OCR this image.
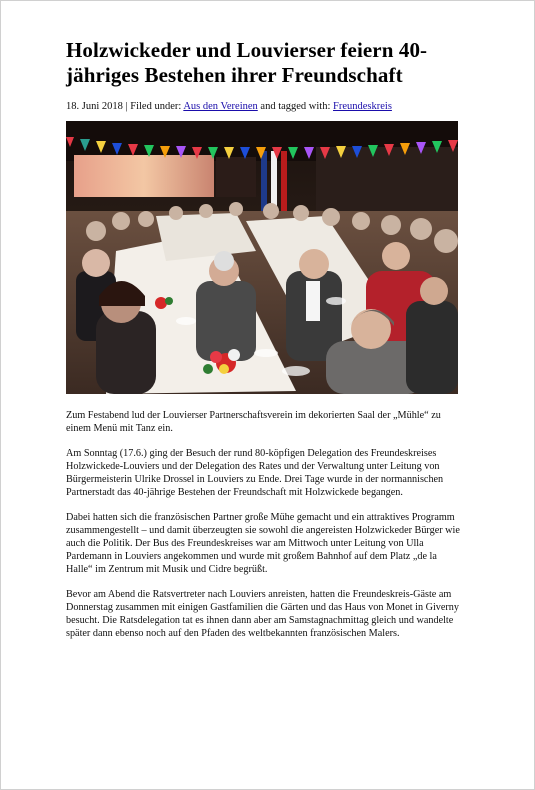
Holzwickeder und Louvierser feiern 40-jähriges Bestehen ihrer Freundschaft
18. Juni 2018 | Filed under: Aus den Vereinen and tagged with: Freundeskreis

Zum Festabend lud der Louvierser Partnerschaftsverein im dekorierten Saal der „Mühle“ zu einem Menü mit Tanz ein.

Am Sonntag (17.6.) ging der Besuch der rund 80-köpfigen Delegation des Freundeskreises Holzwickede-Louviers und der Delegation des Rates und der Verwaltung unter Leitung von Bürgermeisterin Ulrike Drossel in Louviers zu Ende. Drei Tage wurde in der normannischen Partnerstadt das 40-jährige Bestehen der Freundschaft mit Holzwickede begangen.

Dabei hatten sich die französischen Partner große Mühe gemacht und ein attraktives Programm zusammengestellt – und damit überzeugten sie sowohl die angereisten Holzwickeder Bürger wie auch die Politik. Der Bus des Freundeskreises war am Mittwoch unter Leitung von Ulla Pardemann in Louviers angekommen und wurde mit großem Bahnhof auf dem Platz „de la Halle“ im Zentrum mit Musik und Cidre begrüßt.

Bevor am Abend die Ratsvertreter nach Louviers anreisten, hatten die Freundeskreis-Gäste am Donnerstag zusammen mit einigen Gastfamilien die Gärten und das Haus von Monet in Giverny besucht. Die Ratsdelegation tat es ihnen dann aber am Samstagnachmittag gleich und wandelte später dann ebenso noch auf den Pfaden des weltbekannten französischen Malers.
